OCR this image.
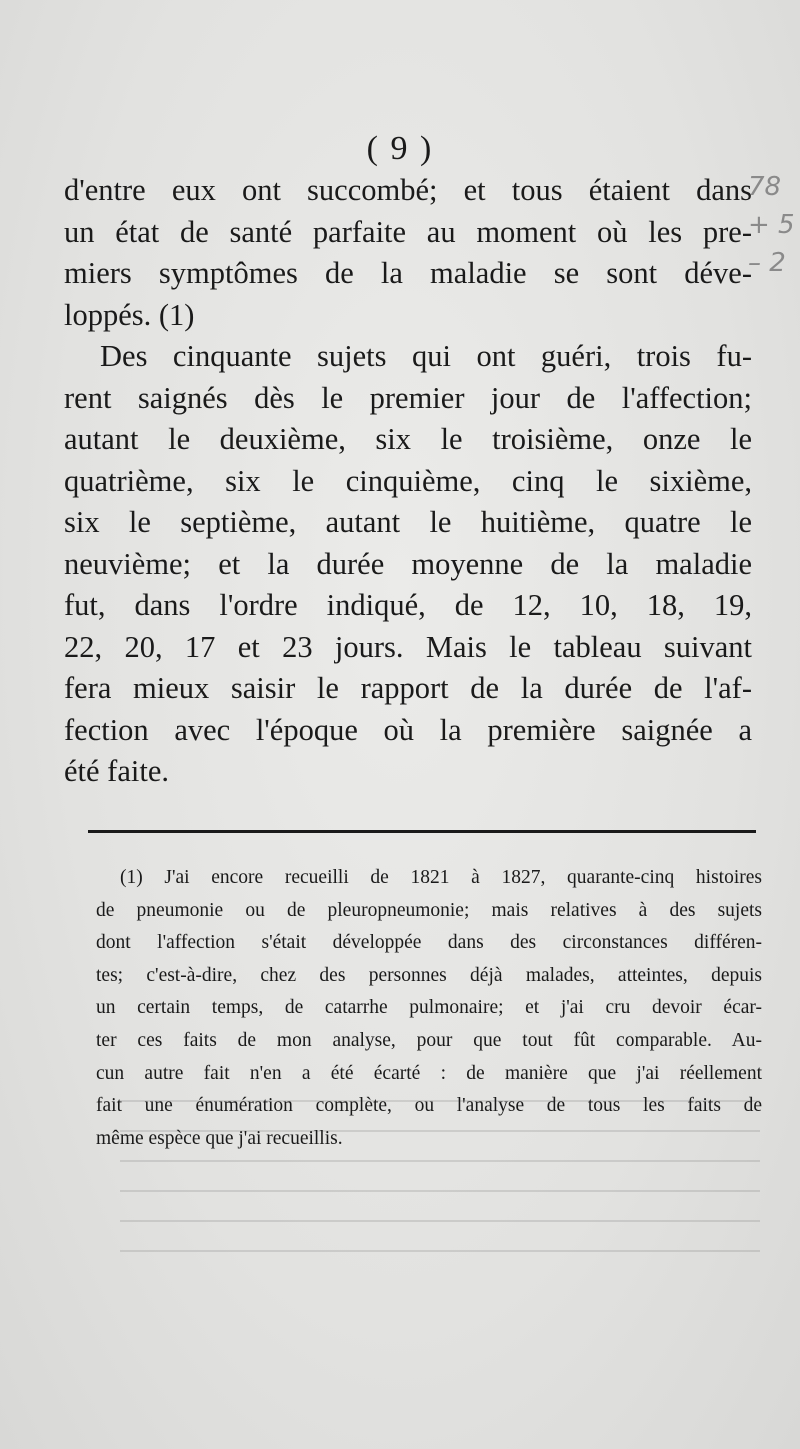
( 9 )
d'entre eux ont succombé; et tous étaient dans
un état de santé parfaite au moment où les pre-
miers symptômes de la maladie se sont déve-
loppés. (1)
Des cinquante sujets qui ont guéri, trois fu-
rent saignés dès le premier jour de l'affection;
autant le deuxième, six le troisième, onze le
quatrième, six le cinquième, cinq le sixième,
six le septième, autant le huitième, quatre le
neuvième; et la durée moyenne de la maladie
fut, dans l'ordre indiqué, de 12, 10, 18, 19,
22, 20, 17 et 23 jours. Mais le tableau suivant
fera mieux saisir le rapport de la durée de l'af-
fection avec l'époque où la première saignée a
été faite.
(1) J'ai encore recueilli de 1821 à 1827, quarante-cinq histoires
de pneumonie ou de pleuropneumonie; mais relatives à des sujets
dont l'affection s'était développée dans des circonstances différen-
tes; c'est-à-dire, chez des personnes déjà malades, atteintes, depuis
un certain temps, de catarrhe pulmonaire; et j'ai cru devoir écar-
ter ces faits de mon analyse, pour que tout fût comparable. Au-
cun autre fait n'en a été écarté : de manière que j'ai réellement
fait une énumération complète, ou l'analyse de tous les faits de
même espèce que j'ai recueillis.
78
+ 5
– 2
